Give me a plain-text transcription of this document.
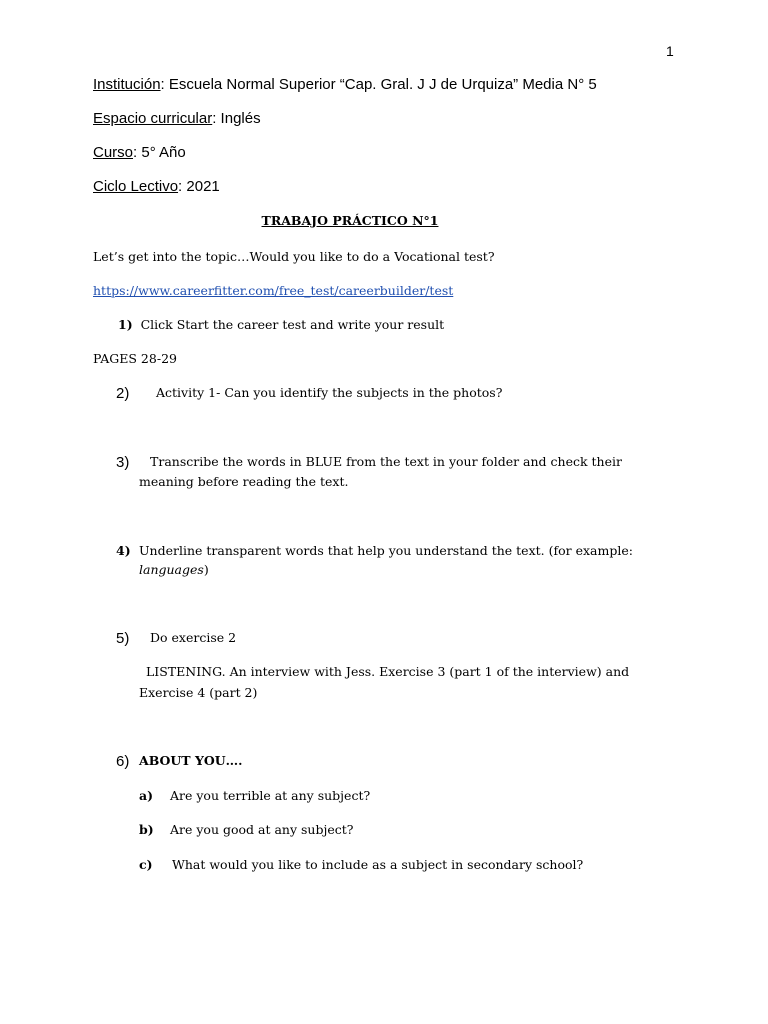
1
Institución: Escuela Normal Superior “Cap. Gral. J J de Urquiza” Media N° 5
Espacio curricular: Inglés
Curso: 5° Año
Ciclo Lectivo: 2021
TRABAJO PRÁCTICO N°1
Let’s get into the topic…Would you like to do a Vocational test?
https://www.careerfitter.com/free_test/careerbuilder/test
1) Click Start the career test and write your result
PAGES 28-29
2) Activity 1- Can you identify the subjects in the photos?
3) Transcribe the words in BLUE from the text in your folder and check their
meaning before reading the text.
4) Underline transparent words that help you understand the text. (for example:
languages)
5) Do exercise 2
LISTENING. An interview with Jess. Exercise 3 (part 1 of the interview) and
Exercise 4 (part 2)
6) ABOUT YOU….
a) Are you terrible at any subject?
b) Are you good at any subject?
c) What would you like to include as a subject in secondary school?
